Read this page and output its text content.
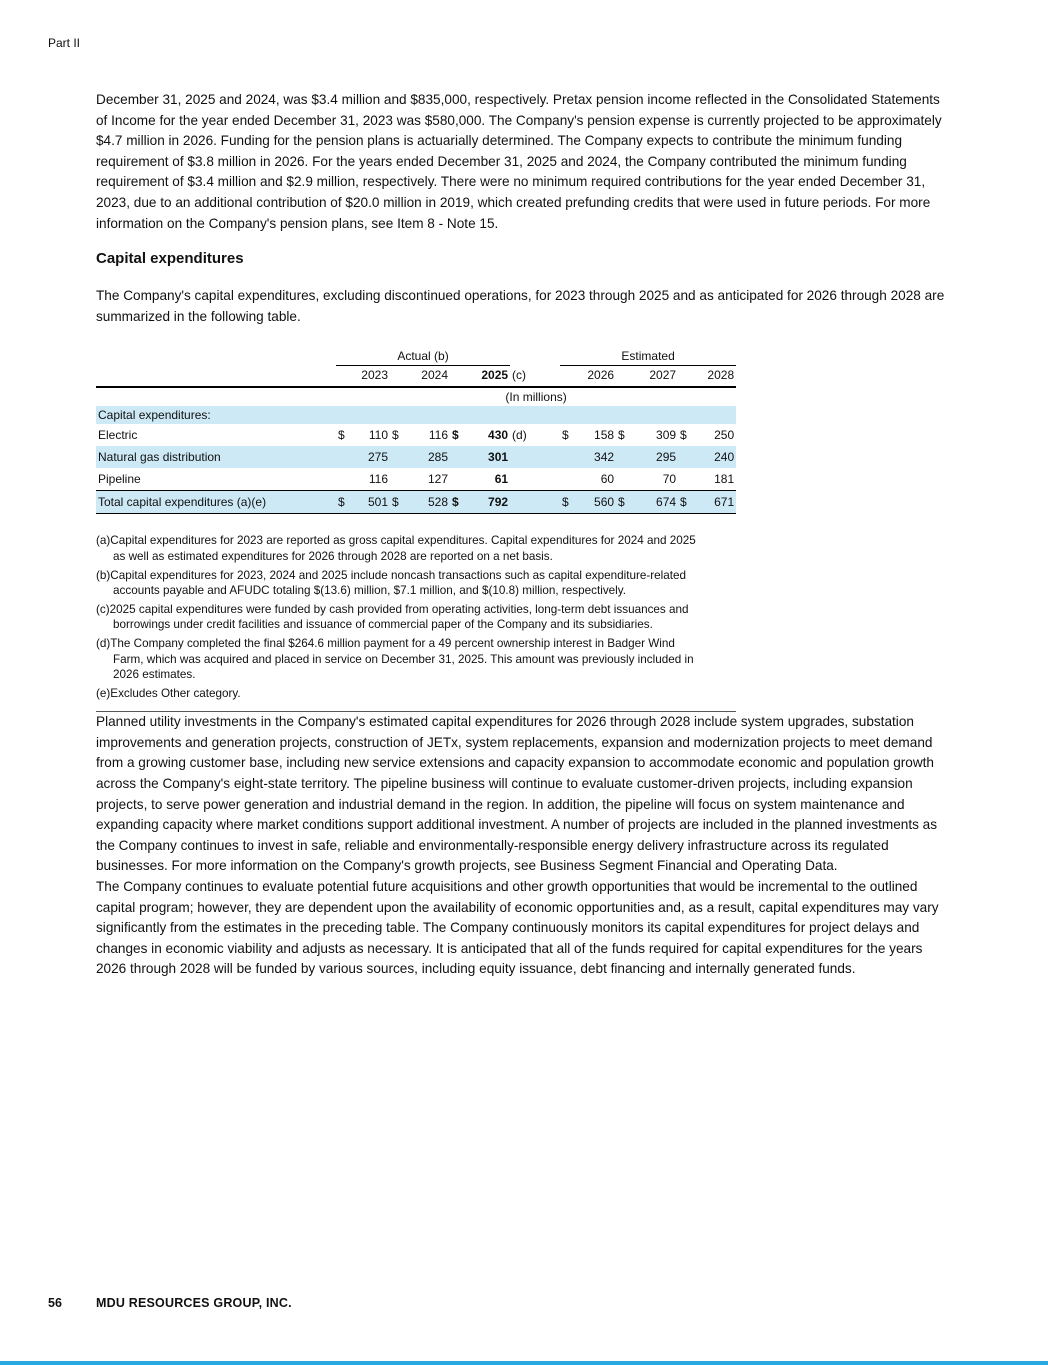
Part II

December 31, 2025 and 2024, was $3.4 million and $835,000, respectively. Pretax pension income reflected in the Consolidated Statements of Income for the year ended December 31, 2023 was $580,000. The Company's pension expense is currently projected to be approximately $4.7 million in 2026. Funding for the pension plans is actuarially determined. The Company expects to contribute the minimum funding requirement of $3.8 million in 2026. For the years ended December 31, 2025 and 2024, the Company contributed the minimum funding requirement of $3.4 million and $2.9 million, respectively. There were no minimum required contributions for the year ended December 31, 2023, due to an additional contribution of $20.0 million in 2019, which created prefunding credits that were used in future periods. For more information on the Company's pension plans, see Item 8 - Note 15.

Capital expenditures

The Company's capital expenditures, excluding discontinued operations, for 2023 through 2025 and as anticipated for 2026 through 2028 are summarized in the following table.

	Actual (b)								Estimated					
	2023		2024		2025		(c)		2026		2027		2028	
	(In millions)													
Capital expenditures:														
Electric	$	110	$	116	$	430	(d)		$	158	$	309	$	250
Natural gas distribution		275		285		301				342		295		240
Pipeline		116		127		61				60		70		181
Total capital expenditures (a)(e)	$	501	$	528	$	792			$	560	$	674	$	671
(a)Capital expenditures for 2023 are reported as gross capital expenditures. Capital expenditures for 2024 and 2025 as well as estimated expenditures for 2026 through 2028 are reported on a net basis.
(b)Capital expenditures for 2023, 2024 and 2025 include noncash transactions such as capital expenditure-related accounts payable and AFUDC totaling $(13.6) million, $7.1 million, and $(10.8) million, respectively.
(c)2025 capital expenditures were funded by cash provided from operating activities, long-term debt issuances and borrowings under credit facilities and issuance of commercial paper of the Company and its subsidiaries.
(d)The Company completed the final $264.6 million payment for a 49 percent ownership interest in Badger Wind Farm, which was acquired and placed in service on December 31, 2025. This amount was previously included in 2026 estimates.
(e)Excludes Other category.

Planned utility investments in the Company's estimated capital expenditures for 2026 through 2028 include system upgrades, substation improvements and generation projects, construction of JETx, system replacements, expansion and modernization projects to meet demand from a growing customer base, including new service extensions and capacity expansion to accommodate economic and population growth across the Company's eight-state territory. The pipeline business will continue to evaluate customer-driven projects, including expansion projects, to serve power generation and industrial demand in the region. In addition, the pipeline will focus on system maintenance and expanding capacity where market conditions support additional investment. A number of projects are included in the planned investments as the Company continues to invest in safe, reliable and environmentally-responsible energy delivery infrastructure across its regulated businesses. For more information on the Company's growth projects, see Business Segment Financial and Operating Data.

The Company continues to evaluate potential future acquisitions and other growth opportunities that would be incremental to the outlined capital program; however, they are dependent upon the availability of economic opportunities and, as a result, capital expenditures may vary significantly from the estimates in the preceding table. The Company continuously monitors its capital expenditures for project delays and changes in economic viability and adjusts as necessary. It is anticipated that all of the funds required for capital expenditures for the years 2026 through 2028 will be funded by various sources, including equity issuance, debt financing and internally generated funds.

56	MDU RESOURCES GROUP, INC.
